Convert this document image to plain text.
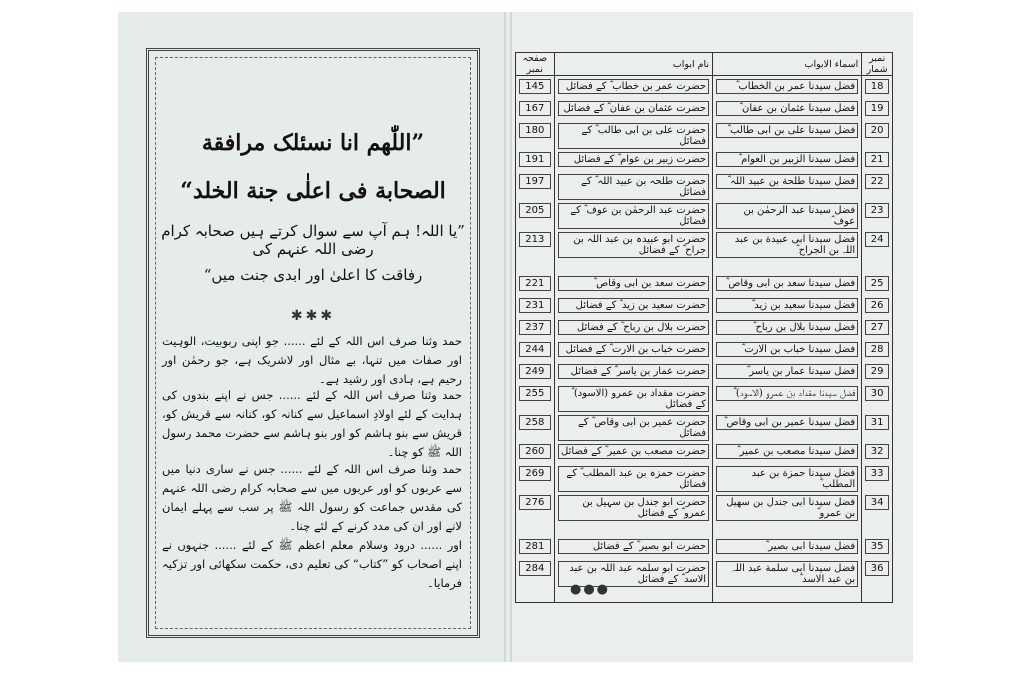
”اللّٰھم انا نسئلک مرافقة
الصحابة فی اعلٰی جنة الخلد“
”یا اللہ! ہم آپ سے سوال کرتے ہیں صحابہ کرام رضی اللہ عنہم کی
رفاقت کا اعلیٰ اور ابدی جنت میں“
✱✱✱
حمد وثنا صرف اس اللہ کے لئے ...... جو اپنی ربوبیت، الوہیت اور صفات میں تنہا، بے مثال اور لاشریک ہے، جو رحمٰن اور رحیم ہے، ہادی اور رشید ہے۔
حمد وثنا صرف اس اللہ کے لئے ...... جس نے اپنے بندوں کی ہدایت کے لئے اولادِ اسماعیل سے کنانہ کو، کنانہ سے قریش کو، قریش سے بنو ہاشم کو اور بنو ہاشم سے حضرت محمد رسول اللہ ﷺ کو چنا۔
حمد وثنا صرف اس اللہ کے لئے ...... جس نے ساری دنیا میں سے عربوں کو اور عربوں میں سے صحابہ کرام رضی اللہ عنہم کی مقدس جماعت کو رسول اللہ ﷺ پر سب سے پہلے ایمان لانے اور ان کی مدد کرنے کے لئے چنا۔
اور ...... درود وسلام معلم اعظم ﷺ کے لئے ...... جنہوں نے اپنے اصحاب کو ”کتاب“ کی تعلیم دی، حکمت سکھائی اور تزکیہ فرمایا۔
نمبر شمار	اسماء الابواب	نام ابواب	صفحہ نمبر

18	فضل سیدنا عمر بن الخطاب ؓ	حضرت عمر بن خطاب ؓ کے فضائل	145

19	فضل سیدنا عثمان بن عفان ؓ	حضرت عثمان بن عفان ؓ کے فضائل	167

20	فضل سیدنا علی بن ابی طالب ؓ	حضرت علی بن ابی طالب ؓ کے فضائل	180

21	فضل سیدنا الزبیر بن العوام ؓ	حضرت زبیر بن عوام ؓ کے فضائل	191

22	فضل سیدنا طلحة بن عبید اللہ ؓ	حضرت طلحہ بن عبید اللہ ؓ کے فضائل	197

23	فضل سیدنا عبد الرحمٰن بن عوف ؓ	حضرت عبد الرحمٰن بن عوف ؓ کے فضائل	205

24	فضل سیدنا ابی عبیدة بن عبد اللہ بن الجراح ؓ	حضرت ابو عبیدہ بن عبد اللہ بن جراح ؓ کے فضائل	213

25	فضل سیدنا سعد بن ابی وقاص ؓ	حضرت سعد بن ابی وقاص ؓ	221

26	فضل سیدنا سعید بن زید ؓ	حضرت سعید بن زید ؓ کے فضائل	231

27	فضل سیدنا بلال بن رباح ؓ	حضرت بلال بن رباح ؓ کے فضائل	237

28	فضل سیدنا خباب بن الارت ؓ	حضرت خباب بن الارت ؓ کے فضائل	244

29	فضل سیدنا عمار بن یاسر ؓ	حضرت عمار بن یاسر ؓ کے فضائل	249

30	فضل سیدنا مقداد بن عمرو (الاسود) ؓ	حضرت مقداد بن عمرو (الاسود) ؓ کے فضائل	255

31	فضل سیدنا عمیر بن ابی وقاص ؓ	حضرت عمیر بن ابی وقاص ؓ کے فضائل	258

32	فضل سیدنا مصعب بن عمیر ؓ	حضرت مصعب بن عمیر ؓ کے فضائل	260

33	فضل سیدنا حمزة بن عبد المطلب ؓ	حضرت حمزہ بن عبد المطلب ؓ کے فضائل	269

34	فضل سیدنا ابی جندل بن سهیل بن عمرو ؓ	حضرت ابو جندل بن سہیل بن عمرو ؓ کے فضائل	276

35	فضل سیدنا ابی بصیر ؓ	حضرت ابو بصیر ؓ کے فضائل	281

36	فضل سیدنا ابی سلمة عبد اللہ بن عبد الاسد ؓ	حضرت ابو سلمہ عبد اللہ بن عبد الاسد ؓ کے فضائل	284
●●●
